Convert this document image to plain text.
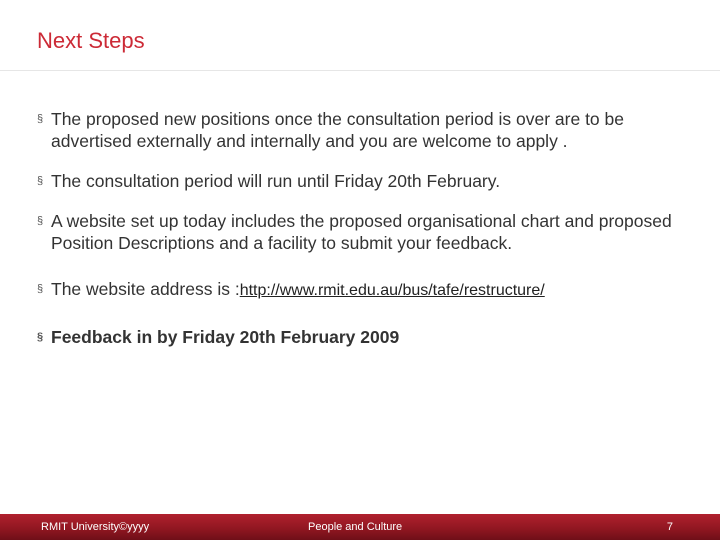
Next Steps
§ The proposed new positions once the consultation period is over are to be advertised externally and internally and you are welcome to apply .
§ The consultation period will run until Friday 20th February.
§ A website set up today includes the proposed organisational chart and proposed Position Descriptions and a facility to submit your feedback.
§ The website address is :http://www.rmit.edu.au/bus/tafe/restructure/
§ Feedback in by Friday 20th February 2009
RMIT University©yyyy	People and Culture	7
